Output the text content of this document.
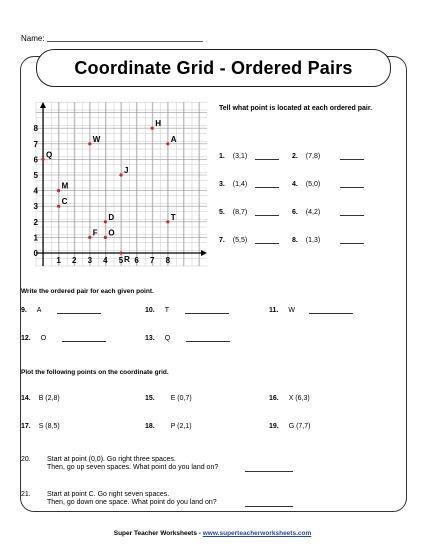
Name:
Coordinate Grid - Ordered Pairs
1 2 3 4 5 6 7 8
0
1
2
3
4
5
6
7
8
H
A
W
Q
J
M
C
D	T
F O
R
Tell what point is located at each ordered pair.
1. (3,1)	2. (7,8)
3. (1,4)	4. (5,0)
5. (8,7)	6. (4,2)
7. (5,5)	8. (1,3)
Write the ordered pair for each given point.
9. A	10. T	11. W
12. O	13. Q
Plot the following points on the coordinate grid.
14. B (2,8)	15. E (0,7)	16. X (6,3)
17. S (8,5)	18. P (2,1)	19. G (7,7)
20. Start at point (0,0). Go right three spaces.
Then, go up seven spaces. What point do you land on?
21. Start at point C. Go right seven spaces.
Then, go down one space. What point do you land on?
Super Teacher Worksheets - www.superteacherworksheets.com
